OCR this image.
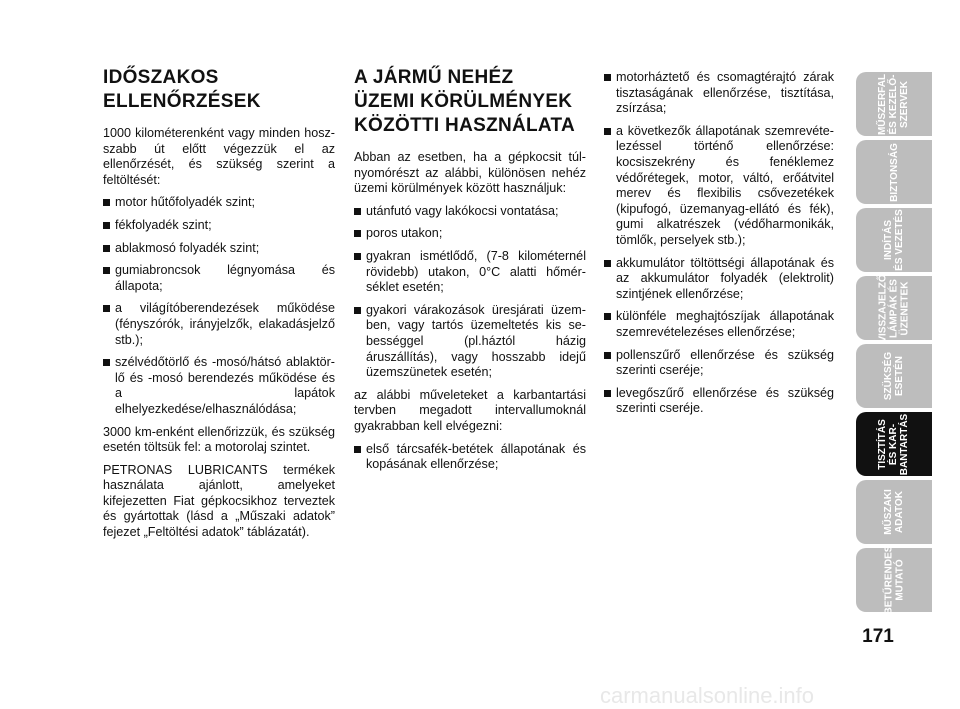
IDŐSZAKOS
ELLENŐRZÉSEK

1000 kilométerenként vagy minden hoszszabb út előtt végezzük el az ellenőrzését, és szükség szerint a feltöltését:

motor hűtőfolyadék szint;
fékfolyadék szint;
ablakmosó folyadék szint;
gumiabroncsok légnyomása és állapota;
a világítóberendezések működése (fényszórók, irányjelzők, elakadásjelző stb.);
szélvédőtörlő és -mosó/hátsó ablaktörlő és -mosó berendezés működése és a lapátok elhelyezkedése/elhasználódása;

3000 km-enként ellenőrizzük, és szükség esetén töltsük fel: a motorolaj szintet.

PETRONAS LUBRICANTS termékek használata ajánlott, amelyeket kifejezetten Fiat gépkocsikhoz terveztek és gyártottak (lásd a „Műszaki adatok” fejezet „Feltöltési adatok” táblázatát).

A JÁRMŰ NEHÉZ
ÜZEMI KÖRÜLMÉNYEK
KÖZÖTTI HASZNÁLATA

Abban az esetben, ha a gépkocsit túlnyomórészt az alábbi, különösen nehéz üzemi körülmények között használjuk:

utánfutó vagy lakókocsi vontatása;
poros utakon;
gyakran ismétlődő, (7-8 kilométernél rövidebb) utakon, 0°C alatti hőmérséklet esetén;
gyakori várakozások üresjárati üzemben, vagy tartós üzemeltetés kis sebességgel (pl.háztól házig áruszállítás), vagy hosszabb idejű üzemszünetek esetén;

az alábbi műveleteket a karbantartási tervben megadott intervallumoknál gyakrabban kell elvégezni:

első tárcsafék-betétek állapotának és kopásának ellenőrzése;
motorháztető és csomagtérajtó zárak tisztaságának ellenőrzése, tisztítása, zsírzása;
a következők állapotának szemrevételezéssel történő ellenőrzése: kocsiszekrény és fenéklemez védőrétegek, motor, váltó, erőátvitel merev és flexibilis csővezetékek (kipufogó, üzemanyag-ellátó és fék), gumi alkatrészek (védőharmonikák, tömlők, perselyek stb.);
akkumulátor töltöttségi állapotának és az akkumulátor folyadék (elektrolit) szintjének ellenőrzése;
különféle meghajtószíjak állapotának szemrevételezéses ellenőrzése;
pollenszűrő ellenőrzése és szükség szerinti cseréje;
levegőszűrő ellenőrzése és szükség szerinti cseréje.
171
carmanualsonline.info
MŰSZERFAL
ÉS KEZELŐ-
SZERVEK
BIZTONSÁG
INDÍTÁS
ÉS VEZETÉS
VISSZAJELZŐ
LÁMPÁK ÉS
ÜZENETEK
SZÜKSÉG
ESETÉN
TISZTÍTÁS
ÉS KAR-
BANTARTÁS
MŰSZAKI
ADATOK
BETŰRENDES
MUTATÓ
